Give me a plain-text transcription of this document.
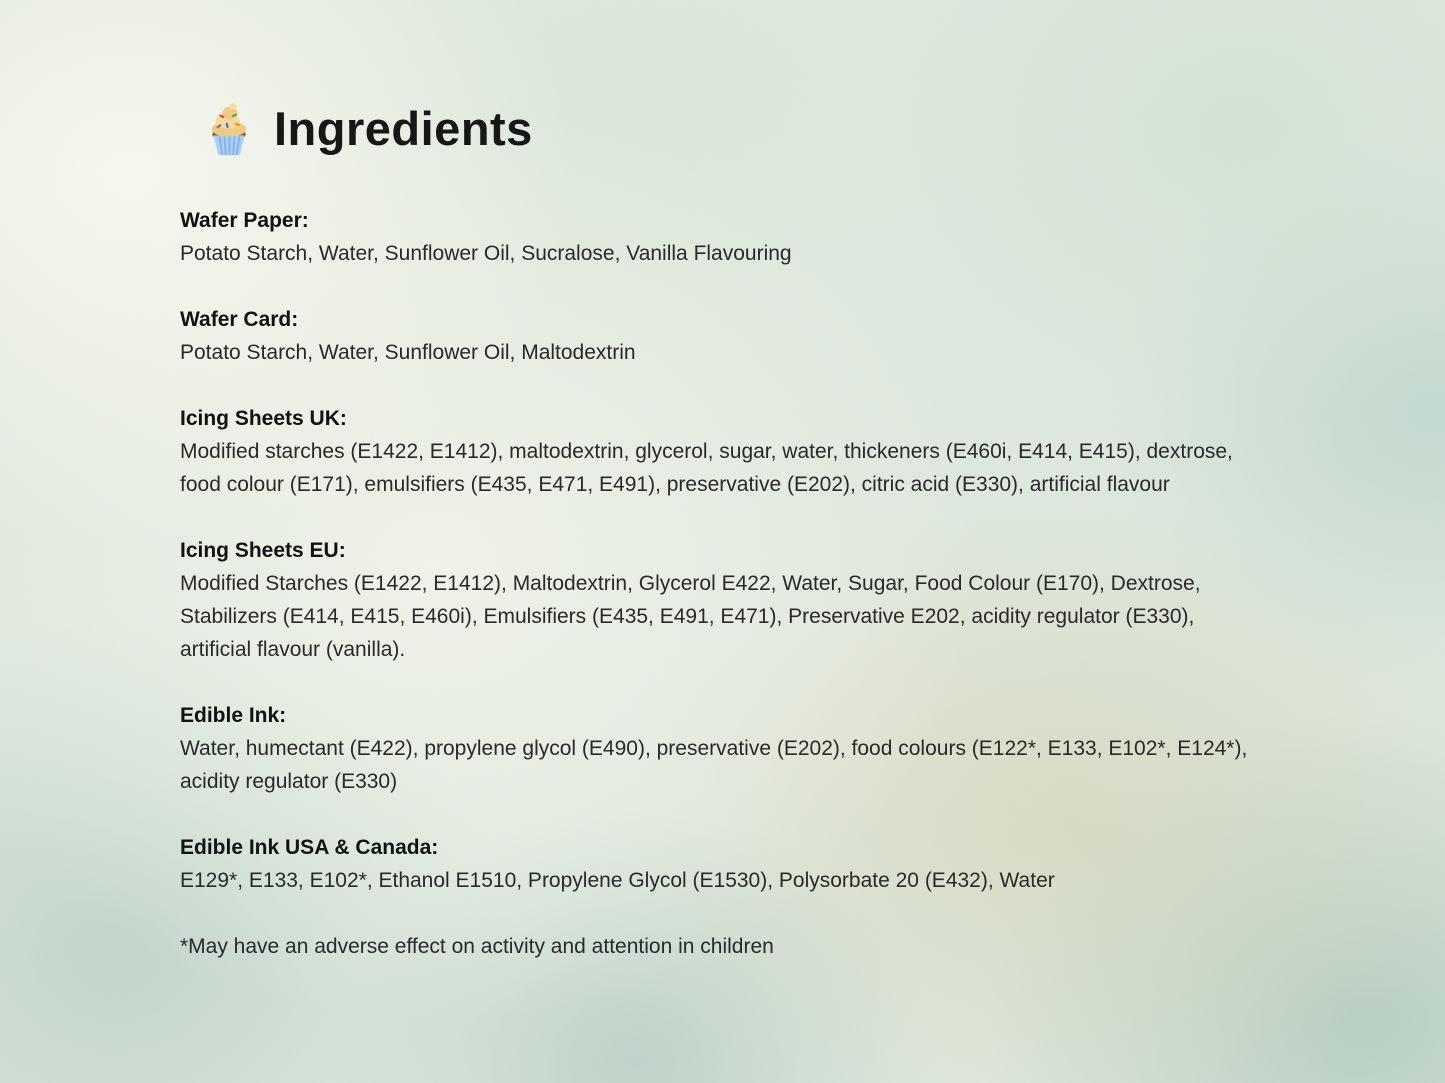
Ingredients
Wafer Paper:
Potato Starch, Water, Sunflower Oil, Sucralose, Vanilla Flavouring
Wafer Card:
Potato Starch, Water, Sunflower Oil, Maltodextrin
Icing Sheets UK:
Modified starches (E1422, E1412), maltodextrin, glycerol, sugar, water, thickeners (E460i, E414, E415), dextrose, food colour (E171), emulsifiers (E435, E471, E491), preservative (E202), citric acid (E330), artificial flavour
Icing Sheets EU:
Modified Starches (E1422, E1412), Maltodextrin, Glycerol E422, Water, Sugar, Food Colour (E170), Dextrose, Stabilizers (E414, E415, E460i), Emulsifiers (E435, E491, E471), Preservative E202, acidity regulator (E330), artificial flavour (vanilla).
Edible Ink:
Water, humectant (E422), propylene glycol (E490), preservative (E202), food colours (E122*, E133, E102*, E124*), acidity regulator (E330)
Edible Ink USA & Canada:
E129*, E133, E102*, Ethanol E1510, Propylene Glycol (E1530), Polysorbate 20 (E432), Water
*May have an adverse effect on activity and attention in children
